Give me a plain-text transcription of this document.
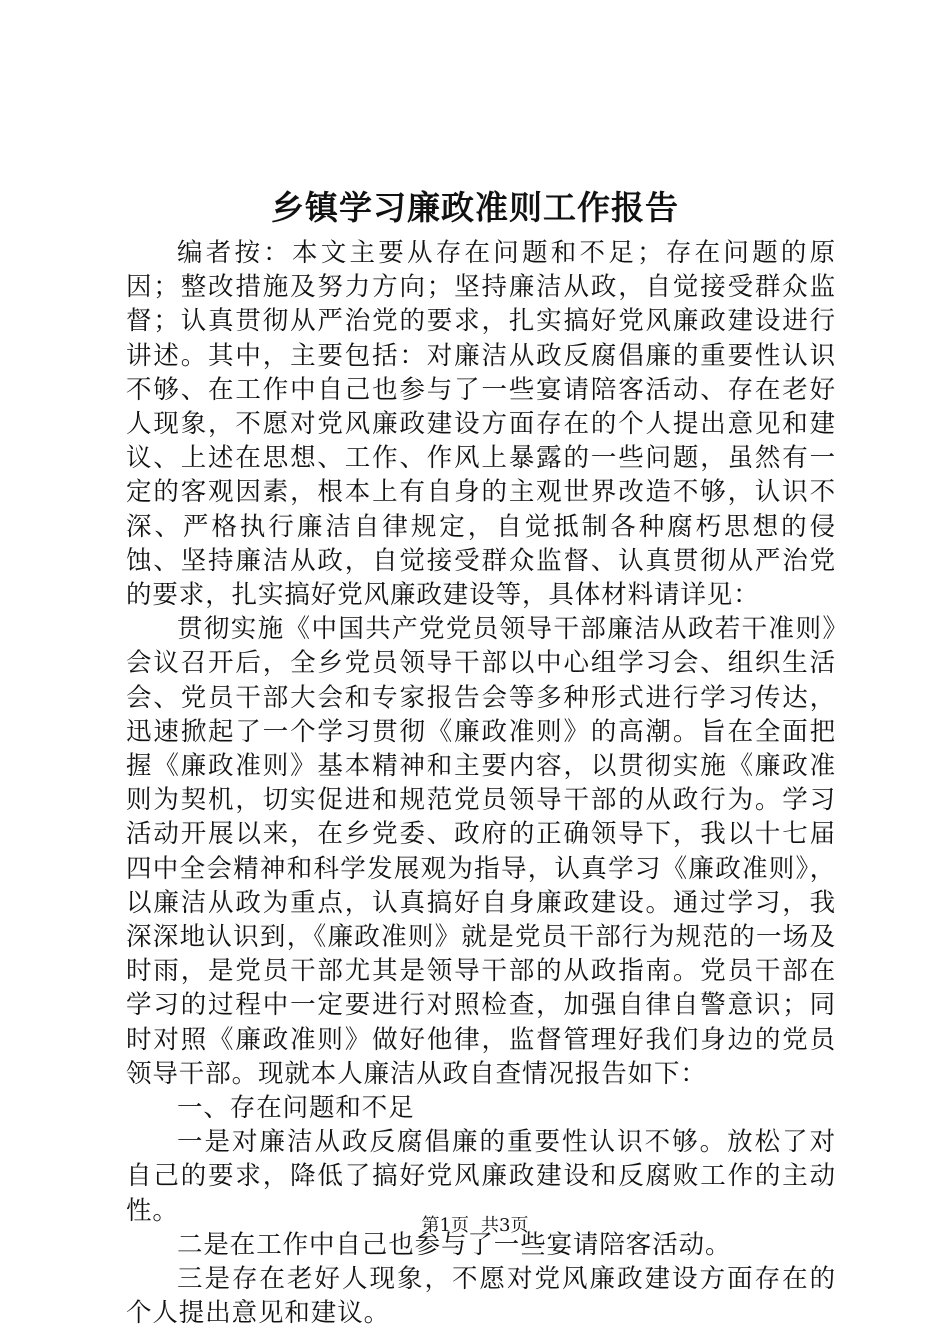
乡镇学习廉政准则工作报告

编者按：本文主要从存在问题和不足；存在问题的原因；整改措施及努力方向；坚持廉洁从政，自觉接受群众监督；认真贯彻从严治党的要求，扎实搞好党风廉政建设进行讲述。其中，主要包括：对廉洁从政反腐倡廉的重要性认识不够、在工作中自己也参与了一些宴请陪客活动、存在老好人现象，不愿对党风廉政建设方面存在的个人提出意见和建议、上述在思想、工作、作风上暴露的一些问题，虽然有一定的客观因素，根本上有自身的主观世界改造不够，认识不深、严格执行廉洁自律规定，自觉抵制各种腐朽思想的侵蚀、坚持廉洁从政，自觉接受群众监督、认真贯彻从严治党的要求，扎实搞好党风廉政建设等，具体材料请详见：

贯彻实施《中国共产党党员领导干部廉洁从政若干准则》会议召开后，全乡党员领导干部以中心组学习会、组织生活会、党员干部大会和专家报告会等多种形式进行学习传达，迅速掀起了一个学习贯彻《廉政准则》的高潮。旨在全面把握《廉政准则》基本精神和主要内容，以贯彻实施《廉政准则为契机，切实促进和规范党员领导干部的从政行为。学习活动开展以来，在乡党委、政府的正确领导下，我以十七届四中全会精神和科学发展观为指导，认真学习《廉政准则》，以廉洁从政为重点，认真搞好自身廉政建设。通过学习，我深深地认识到，《廉政准则》就是党员干部行为规范的一场及时雨，是党员干部尤其是领导干部的从政指南。党员干部在学习的过程中一定要进行对照检查，加强自律自警意识；同时对照《廉政准则》做好他律，监督管理好我们身边的党员领导干部。现就本人廉洁从政自查情况报告如下：

一、存在问题和不足

一是对廉洁从政反腐倡廉的重要性认识不够。放松了对自己的要求，降低了搞好党风廉政建设和反腐败工作的主动性。

二是在工作中自己也参与了一些宴请陪客活动。

三是存在老好人现象，不愿对党风廉政建设方面存在的个人提出意见和建议。

第1页 共3页
